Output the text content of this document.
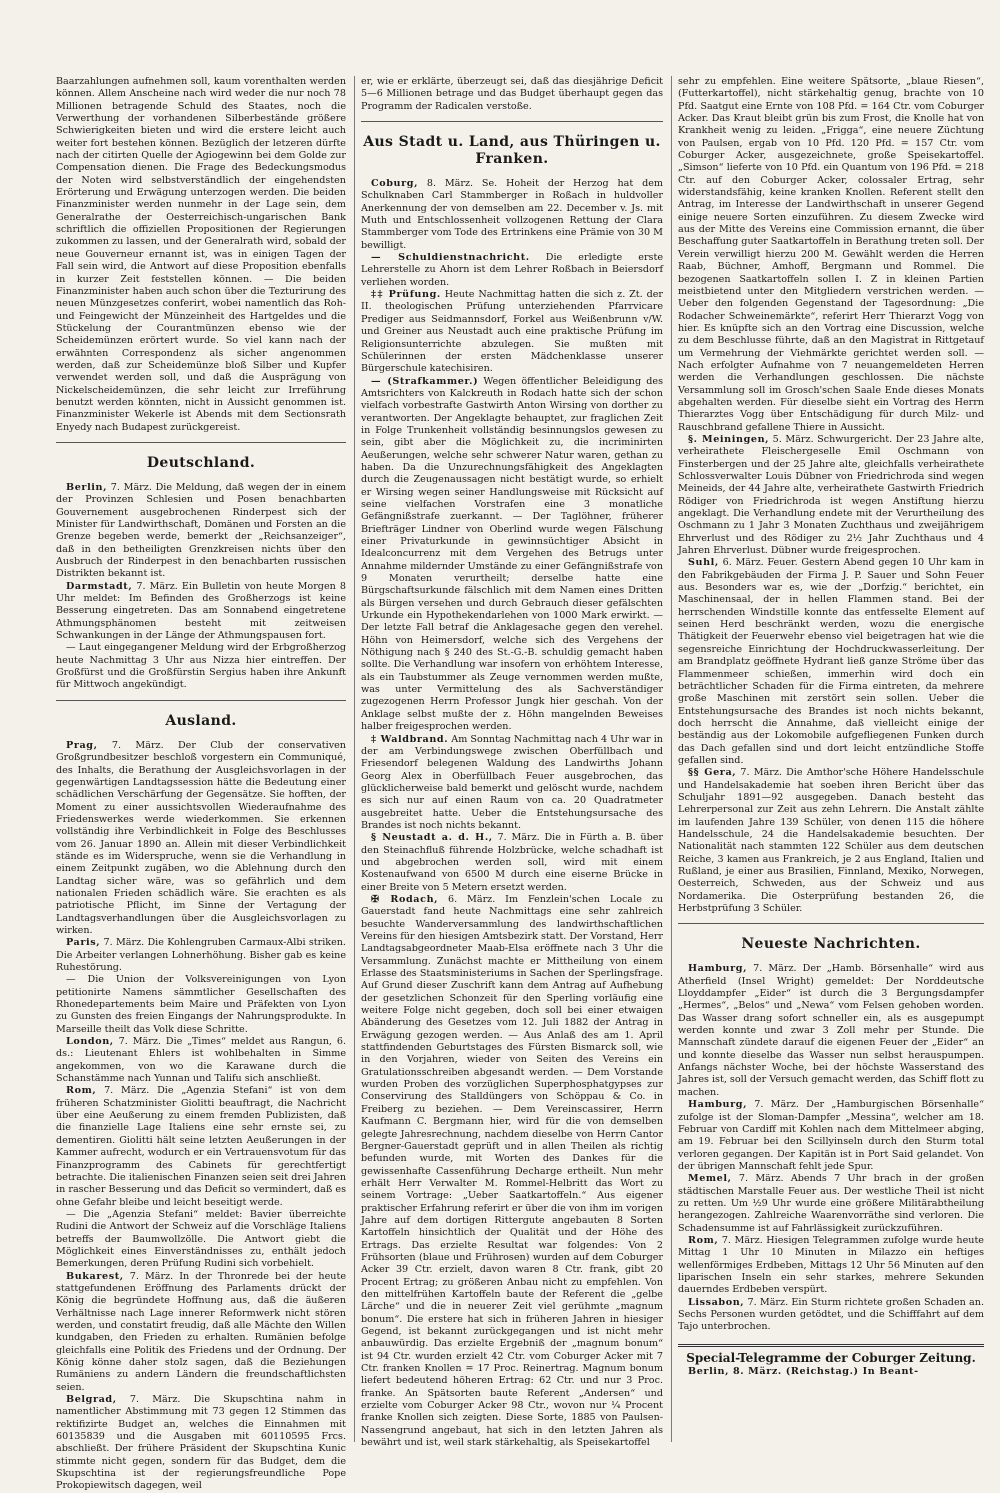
Baarzahlungen aufnehmen soll, kaum vorenthalten werden können. Allem Anscheine nach wird weder die nur noch 78 Millionen betragende Schuld des Staates, noch die Verwerthung der vorhandenen Silberbestände größere Schwierigkeiten bieten und wird die erstere leicht auch weiter fort bestehen können. Bezüglich der letzeren dürfte nach der citirten Quelle der Agiogewinn bei dem Golde zur Compensation dienen. Die Frage des Bedeckungsmodus der Noten wird selbstverständlich der eingehendsten Erörterung und Erwägung unterzogen werden. Die beiden Finanzminister werden nunmehr in der Lage sein, dem Generalrathe der Oesterreichisch-ungarischen Bank schriftlich die offiziellen Propositionen der Regierungen zukommen zu lassen, und der Generalrath wird, sobald der neue Gouverneur ernannt ist, was in einigen Tagen der Fall sein wird, die Antwort auf diese Proposition ebenfalls in kurzer Zeit feststellen können. — Die beiden Finanzminister haben auch schon über die Tezturirung des neuen Münzgesetzes conferirt, wobei namentlich das Roh- und Feingewicht der Münzeinheit des Hartgeldes und die Stückelung der Courantmünzen ebenso wie der Scheidemünzen erörtert wurde. So viel kann nach der erwähnten Correspondenz als sicher angenommen werden, daß zur Scheidemünze bloß Silber und Kupfer verwendet werden soll, und daß die Ausprägung von Nickelscheidemünzen, die sehr leicht zur Irreführung benutzt werden könnten, nicht in Aussicht genommen ist. Finanzminister Wekerle ist Abends mit dem Sectionsrath Enyedy nach Budapest zurückgereist.

Deutschland.

Berlin, 7. März. Die Meldung, daß wegen der in einem der Provinzen Schlesien und Posen benachbarten Gouvernement ausgebrochenen Rinderpest sich der Minister für Landwirthschaft, Domänen und Forsten an die Grenze begeben werde, bemerkt der „Reichsanzeiger“, daß in den betheiligten Grenzkreisen nichts über den Ausbruch der Rinderpest in den benachbarten russischen Distrikten bekannt ist.

Darmstadt, 7. März. Ein Bulletin von heute Morgen 8 Uhr meldet: Im Befinden des Großherzogs ist keine Besserung eingetreten. Das am Sonnabend eingetretene Athmungsphänomen besteht mit zeitweisen Schwankungen in der Länge der Athmungspausen fort.

— Laut eingegangener Meldung wird der Erbgroßherzog heute Nachmittag 3 Uhr aus Nizza hier eintreffen. Der Großfürst und die Großfürstin Sergius haben ihre Ankunft für Mittwoch angekündigt.

Ausland.

Prag, 7. März. Der Club der conservativen Großgrundbesitzer beschloß vorgestern ein Communiqué, des Inhalts, die Berathung der Ausgleichsvorlagen in der gegenwärtigen Landtagssession hätte die Bedeutung einer schädlichen Verschärfung der Gegensätze. Sie hofften, der Moment zu einer aussichtsvollen Wiederaufnahme des Friedenswerkes werde wiederkommen. Sie erkennen vollständig ihre Verbindlichkeit in Folge des Beschlusses vom 26. Januar 1890 an. Allein mit dieser Verbindlichkeit stände es im Widerspruche, wenn sie die Verhandlung in einem Zeitpunkt zugäben, wo die Ablehnung durch den Landtag sicher wäre, was so gefährlich und dem nationalen Frieden schädlich wäre. Sie erachten es als patriotische Pflicht, im Sinne der Vertagung der Landtagsverhandlungen über die Ausgleichsvorlagen zu wirken.

Paris, 7. März. Die Kohlengruben Carmaux-Albi striken. Die Arbeiter verlangen Lohnerhöhung. Bisher gab es keine Ruhestörung.

— Die Union der Volksvereinigungen von Lyon petitionirte Namens sämmtlicher Gesellschaften des Rhonedepartements beim Maire und Präfekten von Lyon zu Gunsten des freien Eingangs der Nahrungsprodukte. In Marseille theilt das Volk diese Schritte.

London, 7. März. Die „Times“ meldet aus Rangun, 6. ds.: Lieutenant Ehlers ist wohlbehalten in Simme angekommen, von wo die Karawane durch die Schanstämme nach Yunnan und Talifu sich anschließt.

Rom, 7. März. Die „Agenzia Stefani“ ist von dem früheren Schatzminister Giolitti beauftragt, die Nachricht über eine Aeußerung zu einem fremden Publizisten, daß die finanzielle Lage Italiens eine sehr ernste sei, zu dementiren. Giolitti hält seine letzten Aeußerungen in der Kammer aufrecht, wodurch er ein Vertrauensvotum für das Finanzprogramm des Cabinets für gerechtfertigt betrachte. Die italienischen Finanzen seien seit drei Jahren in rascher Besserung und das Deficit so vermindert, daß es ohne Gefahr bleibe und leicht beseitigt werde.

— Die „Agenzia Stefani“ meldet: Bavier überreichte Rudini die Antwort der Schweiz auf die Vorschläge Italiens betreffs der Baumwollzölle. Die Antwort giebt die Möglichkeit eines Einverständnisses zu, enthält jedoch Bemerkungen, deren Prüfung Rudini sich vorbehielt.

Bukarest, 7. März. In der Thronrede bei der heute stattgefundenen Eröffnung des Parlaments drückt der König die begründete Hoffnung aus, daß die äußeren Verhältnisse nach Lage innerer Reformwerk nicht stören werden, und constatirt freudig, daß alle Mächte den Willen kundgaben, den Frieden zu erhalten. Rumänien befolge gleichfalls eine Politik des Friedens und der Ordnung. Der König könne daher stolz sagen, daß die Beziehungen Rumäniens zu andern Ländern die freundschaftlichsten seien.

Belgrad, 7. März. Die Skupschtina nahm in namentlicher Abstimmung mit 73 gegen 12 Stimmen das rektifizirte Budget an, welches die Einnahmen mit 60135839 und die Ausgaben mit 60110595 Frcs. abschließt. Der frühere Präsident der Skupschtina Kunic stimmte nicht gegen, sondern für das Budget, dem die Skupschtina ist der regierungsfreundliche Pope Prokopiewitsch dagegen, weil

er, wie er erklärte, überzeugt sei, daß das diesjährige Deficit 5—6 Millionen betrage und das Budget überhaupt gegen das Programm der Radicalen verstoße.

Aus Stadt u. Land, aus Thüringen u. Franken.

Coburg, 8. März. Se. Hoheit der Herzog hat dem Schulknaben Carl Stammberger in Roßach in huldvoller Anerkennung der von demselben am 22. December v. Js. mit Muth und Entschlossenheit vollzogenen Rettung der Clara Stammberger vom Tode des Ertrinkens eine Prämie von 30 M bewilligt.

— Schuldienstnachricht. Die erledigte erste Lehrerstelle zu Ahorn ist dem Lehrer Roßbach in Beiersdorf verliehen worden.

‡‡ Prüfung. Heute Nachmittag hatten die sich z. Zt. der II. theologischen Prüfung unterziehenden Pfarrvicare Prediger aus Seidmannsdorf, Forkel aus Weißenbrunn v/W. und Greiner aus Neustadt auch eine praktische Prüfung im Religionsunterrichte abzulegen. Sie mußten mit Schülerinnen der ersten Mädchenklasse unserer Bürgerschule katechisiren.

— (Strafkammer.) Wegen öffentlicher Beleidigung des Amtsrichters von Kalckreuth in Rodach hatte sich der schon vielfach vorbestrafte Gastwirth Anton Wirsing von dorther zu verantworten. Der Angeklagte behauptet, zur fraglichen Zeit in Folge Trunkenheit vollständig besinnungslos gewesen zu sein, gibt aber die Möglichkeit zu, die incriminirten Aeußerungen, welche sehr schwerer Natur waren, gethan zu haben. Da die Unzurechnungsfähigkeit des Angeklagten durch die Zeugenaussagen nicht bestätigt wurde, so erhielt er Wirsing wegen seiner Handlungsweise mit Rücksicht auf seine vielfachen Vorstrafen eine 3 monatliche Gefängnißstrafe zuerkannt. — Der Taglöhner, früherer Briefträger Lindner von Oberlind wurde wegen Fälschung einer Privaturkunde in gewinnsüchtiger Absicht in Idealconcurrenz mit dem Vergehen des Betrugs unter Annahme mildernder Umstände zu einer Gefängnißstrafe von 9 Monaten verurtheilt; derselbe hatte eine Bürgschaftsurkunde fälschlich mit dem Namen eines Dritten als Bürgen versehen und durch Gebrauch dieser gefälschten Urkunde ein Hypothekendarlehen von 1000 Mark erwirkt. — Der letzte Fall betraf die Anklagesache gegen den verehel. Höhn von Heimersdorf, welche sich des Vergehens der Nöthigung nach § 240 des St.-G.-B. schuldig gemacht haben sollte. Die Verhandlung war insofern von erhöhtem Interesse, als ein Taubstummer als Zeuge vernommen werden mußte, was unter Vermittelung des als Sachverständiger zugezogenen Herrn Professor Jungk hier geschah. Von der Anklage selbst mußte der z. Höhn mangelnden Beweises halber freigesprochen werden.

‡ Waldbrand. Am Sonntag Nachmittag nach 4 Uhr war in der am Verbindungswege zwischen Oberfüllbach und Friesendorf belegenen Waldung des Landwirths Johann Georg Alex in Oberfüllbach Feuer ausgebrochen, das glücklicherweise bald bemerkt und gelöscht wurde, nachdem es sich nur auf einen Raum von ca. 20 Quadratmeter ausgebreitet hatte. Ueber die Entstehungsursache des Brandes ist noch nichts bekannt.

§ Neustadt a. d. H., 7. März. Die in Fürth a. B. über den Steinachfluß führende Holzbrücke, welche schadhaft ist und abgebrochen werden soll, wird mit einem Kostenaufwand von 6500 M durch eine eiserne Brücke in einer Breite von 5 Metern ersetzt werden.

✠ Rodach, 6. März. Im Fenzlein'schen Locale zu Gauerstadt fand heute Nachmittags eine sehr zahlreich besuchte Wanderversammlung des landwirthschaftlichen Vereins für den hiesigen Amtsbezirk statt. Der Vorstand, Herr Landtagsabgeordneter Maab-Elsa eröffnete nach 3 Uhr die Versammlung. Zunächst machte er Mittheilung von einem Erlasse des Staatsministeriums in Sachen der Sperlingsfrage. Auf Grund dieser Zuschrift kann dem Antrag auf Aufhebung der gesetzlichen Schonzeit für den Sperling vorläufig eine weitere Folge nicht gegeben, doch soll bei einer etwaigen Abänderung des Gesetzes vom 12. Juli 1882 der Antrag in Erwägung gezogen werden. — Aus Anlaß des am 1. April stattfindenden Geburtstages des Fürsten Bismarck soll, wie in den Vorjahren, wieder von Seiten des Vereins ein Gratulationsschreiben abgesandt werden. — Dem Vorstande wurden Proben des vorzüglichen Superphosphatgypses zur Conservirung des Stalldüngers von Schöppau & Co. in Freiberg zu beziehen. — Dem Vereinscassirer, Herrn Kaufmann C. Bergmann hier, wird für die von demselben gelegte Jahresrechnung, nachdem dieselbe von Herrn Cantor Bergner-Gauerstadt geprüft und in allen Theilen als richtig befunden wurde, mit Worten des Dankes für die gewissenhafte Cassenführung Decharge ertheilt. Nun mehr erhält Herr Verwalter M. Rommel-Helbritt das Wort zu seinem Vortrage: „Ueber Saatkartoffeln.“ Aus eigener praktischer Erfahrung referirt er über die von ihm im vorigen Jahre auf dem dortigen Rittergute angebauten 8 Sorten Kartoffeln hinsichtlich der Qualität und der Höhe des Ertrags. Das erzielte Resultat war folgendes: Von 2 Frühsorten (blaue und Frührosen) wurden auf dem Coburger Acker 39 Ctr. erzielt, davon waren 8 Ctr. frank, gibt 20 Procent Ertrag; zu größeren Anbau nicht zu empfehlen. Von den mittelfrühen Kartoffeln baute der Referent die „gelbe Lärche“ und die in neuerer Zeit viel gerühmte „magnum bonum“. Die erstere hat sich in früheren Jahren in hiesiger Gegend, ist bekannt zurückgegangen und ist nicht mehr anbauwürdig. Das erzielte Ergebniß der „magnum bonum“ ist 94 Ctr. wurden erzielt 42 Ctr. vom Coburger Acker mit 7 Ctr. franken Knollen = 17 Proc. Reinertrag. Magnum bonum liefert bedeutend höheren Ertrag: 62 Ctr. und nur 3 Proc. franke. An Spätsorten baute Referent „Andersen“ und erzielte vom Coburger Acker 98 Ctr., wovon nur ¼ Procent franke Knollen sich zeigten. Diese Sorte, 1885 von Paulsen-Nassengrund angebaut, hat sich in den letzten Jahren als bewährt und ist, weil stark stärkehaltig, als Speisekartoffel

sehr zu empfehlen. Eine weitere Spätsorte, „blaue Riesen“, (Futterkartoffel), nicht stärkehaltig genug, brachte von 10 Pfd. Saatgut eine Ernte von 108 Pfd. = 164 Ctr. vom Coburger Acker. Das Kraut bleibt grün bis zum Frost, die Knolle hat von Krankheit wenig zu leiden. „Frigga“, eine neuere Züchtung von Paulsen, ergab von 10 Pfd. 120 Pfd. = 157 Ctr. vom Coburger Acker, ausgezeichnete, große Speisekartoffel. „Simson“ lieferte von 10 Pfd. ein Quantum von 196 Pfd. = 218 Ctr. auf den Coburger Acker, colossaler Ertrag, sehr widerstandsfähig, keine kranken Knollen. Referent stellt den Antrag, im Interesse der Landwirthschaft in unserer Gegend einige neuere Sorten einzuführen. Zu diesem Zwecke wird aus der Mitte des Vereins eine Commission ernannt, die über Beschaffung guter Saatkartoffeln in Berathung treten soll. Der Verein verwilligt hierzu 200 M. Gewählt werden die Herren Raab, Büchner, Amhoff, Bergmann und Rommel. Die bezogenen Saatkartoffeln sollen I. Z in kleinen Partien meistbietend unter den Mitgliedern verstrichen werden. — Ueber den folgenden Gegenstand der Tagesordnung: „Die Rodacher Schweinemärkte“, referirt Herr Thierarzt Vogg von hier. Es knüpfte sich an den Vortrag eine Discussion, welche zu dem Beschlusse führte, daß an den Magistrat in Rittgetauf um Vermehrung der Viehmärkte gerichtet werden soll. — Nach erfolgter Aufnahme von 7 neuangemeldeten Herren werden die Verhandlungen geschlossen. Die nächste Versammlung soll im Grosch'schen Saale Ende dieses Monats abgehalten werden. Für dieselbe sieht ein Vortrag des Herrn Thierarztes Vogg über Entschädigung für durch Milz- und Rauschbrand gefallene Thiere in Aussicht.

§. Meiningen, 5. März. Schwurgericht. Der 23 Jahre alte, verheirathete Fleischergeselle Emil Oschmann von Finsterbergen und der 25 Jahre alte, gleichfalls verheirathete Schlossverwalter Louis Dübner von Friedrichroda sind wegen Meineids, der 44 Jahre alte, verheirathete Gastwirth Friedrich Rödiger von Friedrichroda ist wegen Anstiftung hierzu angeklagt. Die Verhandlung endete mit der Verurtheilung des Oschmann zu 1 Jahr 3 Monaten Zuchthaus und zweijährigem Ehrverlust und des Rödiger zu 2½ Jahr Zuchthaus und 4 Jahren Ehrverlust. Dübner wurde freigesprochen.

Suhl, 6. März. Feuer. Gestern Abend gegen 10 Uhr kam in den Fabrikgebäuden der Firma J. P. Sauer und Sohn Feuer aus. Besonders war es, wie der „Dorfzig.“ berichtet, ein Maschinensaal, der in hellen Flammen stand. Bei der herrschenden Windstille konnte das entfesselte Element auf seinen Herd beschränkt werden, wozu die energische Thätigkeit der Feuerwehr ebenso viel beigetragen hat wie die segensreiche Einrichtung der Hochdruckwasserleitung. Der am Brandplatz geöffnete Hydrant ließ ganze Ströme über das Flammenmeer schießen, immerhin wird doch ein beträchtlicher Schaden für die Firma eintreten, da mehrere große Maschinen mit zerstört sein sollen. Ueber die Entstehungsursache des Brandes ist noch nichts bekannt, doch herrscht die Annahme, daß vielleicht einige der beständig aus der Lokomobile aufgefliegenen Funken durch das Dach gefallen sind und dort leicht entzündliche Stoffe gefallen sind.

§§ Gera, 7. März. Die Amthor'sche Höhere Handelsschule und Handelsakademie hat soeben ihren Bericht über das Schuljahr 1891—92 ausgegeben. Danach besteht das Lehrerpersonal zur Zeit aus zehn Lehrern. Die Anstalt zählte im laufenden Jahre 139 Schüler, von denen 115 die höhere Handelsschule, 24 die Handelsakademie besuchten. Der Nationalität nach stammten 122 Schüler aus dem deutschen Reiche, 3 kamen aus Frankreich, je 2 aus England, Italien und Rußland, je einer aus Brasilien, Finnland, Mexiko, Norwegen, Oesterreich, Schweden, aus der Schweiz und aus Nordamerika. Die Osterprüfung bestanden 26, die Herbstprüfung 3 Schüler.

Neueste Nachrichten.

Hamburg, 7. März. Der „Hamb. Börsenhalle“ wird aus Atherfield (Insel Wright) gemeldet: Der Norddeutsche Lloyddampfer „Eider“ ist durch die 3 Bergungsdampfer „Hermes“, „Belos“ und „Newa“ vom Felsen gehoben worden. Das Wasser drang sofort schneller ein, als es ausgepumpt werden konnte und zwar 3 Zoll mehr per Stunde. Die Mannschaft zündete darauf die eigenen Feuer der „Eider“ an und konnte dieselbe das Wasser nun selbst herauspumpen. Anfangs nächster Woche, bei der höchste Wasserstand des Jahres ist, soll der Versuch gemacht werden, das Schiff flott zu machen.

Hamburg, 7. März. Der „Hamburgischen Börsenhalle“ zufolge ist der Sloman-Dampfer „Messina“, welcher am 18. Februar von Cardiff mit Kohlen nach dem Mittelmeer abging, am 19. Februar bei den Scillyinseln durch den Sturm total verloren gegangen. Der Kapitän ist in Port Said gelandet. Von der übrigen Mannschaft fehlt jede Spur.

Memel, 7. März. Abends 7 Uhr brach in der großen städtischen Marstalle Feuer aus. Der westliche Theil ist nicht zu retten. Um ½9 Uhr wurde eine größere Militärabtheilung herangezogen. Zahlreiche Waarenvorräthe sind verloren. Die Schadensumme ist auf Fahrlässigkeit zurückzuführen.

Rom, 7. März. Hiesigen Telegrammen zufolge wurde heute Mittag 1 Uhr 10 Minuten in Milazzo ein heftiges wellenförmiges Erdbeben, Mittags 12 Uhr 56 Minuten auf den liparischen Inseln ein sehr starkes, mehrere Sekunden dauerndes Erdbeben verspürt.

Lissabon, 7. März. Ein Sturm richtete großen Schaden an. Sechs Personen wurden getödtet, und die Schifffahrt auf dem Tajo unterbrochen.

Special-Telegramme der Coburger Zeitung.

Berlin, 8. März. (Reichstag.) In Beant-
